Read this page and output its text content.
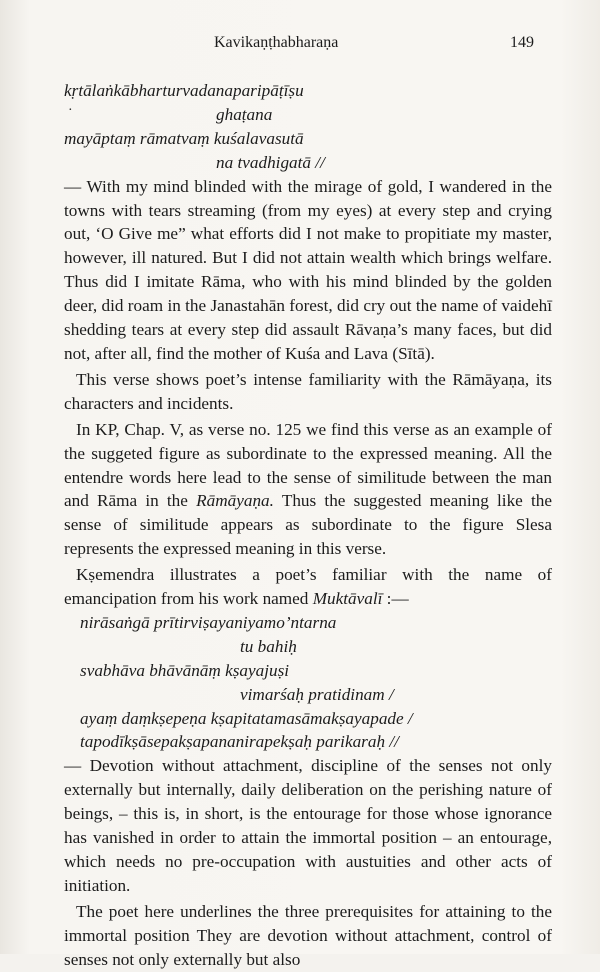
Kavikaṇṭhabharaṇa	149
·
kṛtālaṅkābharturvadanaparipāṭīṣu
ghaṭana
mayāptaṃ rāmatvaṃ kuśalavasutā
na tvadhigatā //
— With my mind blinded with the mirage of gold, I wandered in the towns with tears streaming (from my eyes) at every step and crying out, ‘O Give me” what efforts did I not make to propitiate my master, however, ill natured. But I did not attain wealth which brings welfare. Thus did I imitate Rāma, who with his mind blinded by the golden deer, did roam in the Janastahān forest, did cry out the name of vaidehī shedding tears at every step did assault Rāvaṇa’s many faces, but did not, after all, find the mother of Kuśa and Lava (Sītā).
This verse shows poet’s intense familiarity with the Rāmāyaṇa, its characters and incidents.
In KP, Chap. V, as verse no. 125 we find this verse as an example of the suggeted figure as subordinate to the expressed meaning. All the entendre words here lead to the sense of similitude between the man and Rāma in the Rāmāyaṇa. Thus the suggested meaning like the sense of similitude appears as subordinate to the figure Slesa represents the expressed meaning in this verse.
Kṣemendra illustrates a poet’s familiar with the name of emancipation from his work named Muktāvalī :—
nirāsaṅgā prītirviṣayaniyamo’ntarna
tu bahiḥ
svabhāva bhāvānāṃ kṣayajuṣi
vimarśaḥ pratidinam /
ayaṃ daṃkṣepeṇa kṣapitatamasāmakṣayapade /
tapodīkṣāsepakṣapananirapekṣaḥ parikaraḥ //
— Devotion without attachment, discipline of the senses not only externally but internally, daily deliberation on the perishing nature of beings, – this is, in short, is the entourage for those whose ignorance has vanished in order to attain the immortal position – an entourage, which needs no pre-occupation with austuities and other acts of initiation.
The poet here underlines the three prerequisites for attaining to the immortal position They are devotion without attachment, control of senses not only externally but also
